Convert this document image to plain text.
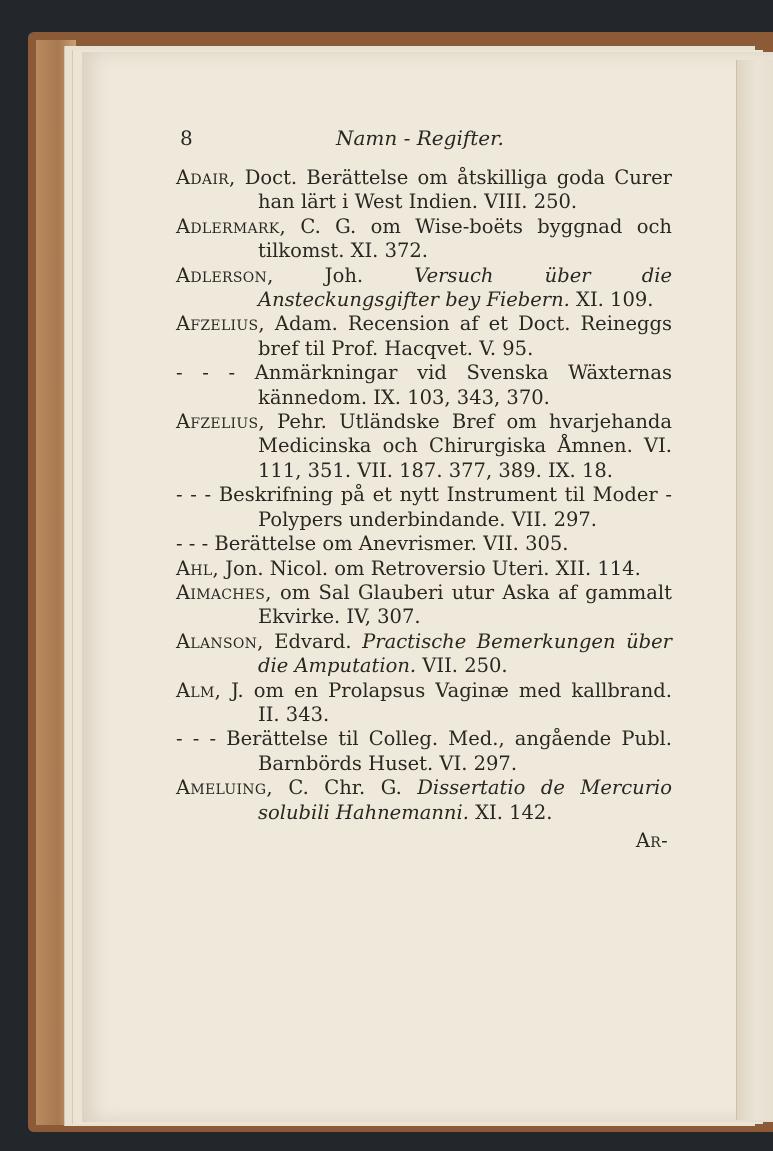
8	Namn - Regifter.

Adair, Doct. Berättelse om åtskilliga goda Curer han lärt i West Indien. VIII. 250.

Adlermark, C. G. om Wise-boëts byggnad och tilkomst. XI. 372.

Adlerson, Joh. Versuch über die Ansteckungsgifter bey Fiebern. XI. 109.

Afzelius, Adam. Recension af et Doct. Reineggs bref til Prof. Hacqvet. V. 95.

- - - Anmärkningar vid Svenska Wäxternas kännedom. IX. 103, 343, 370.

Afzelius, Pehr. Utländske Bref om hvarjehanda Medicinska och Chirurgiska Åmnen. VI. 111, 351. VII. 187. 377, 389. IX. 18.

- - - Beskrifning på et nytt Instrument til Moder - Polypers underbindande. VII. 297.

- - - Berättelse om Anevrismer. VII. 305.

Ahl, Jon. Nicol. om Retroversio Uteri. XII. 114.

Aimaches, om Sal Glauberi utur Aska af gammalt Ekvirke. IV, 307.

Alanson, Edvard. Practische Bemerkungen über die Amputation. VII. 250.

Alm, J. om en Prolapsus Vaginæ med kallbrand. II. 343.

- - - Berättelse til Colleg. Med., angående Publ. Barnbörds Huset. VI. 297.

Ameluing, C. Chr. G. Dissertatio de Mercurio solubili Hahnemanni. XI. 142.

Ar-
